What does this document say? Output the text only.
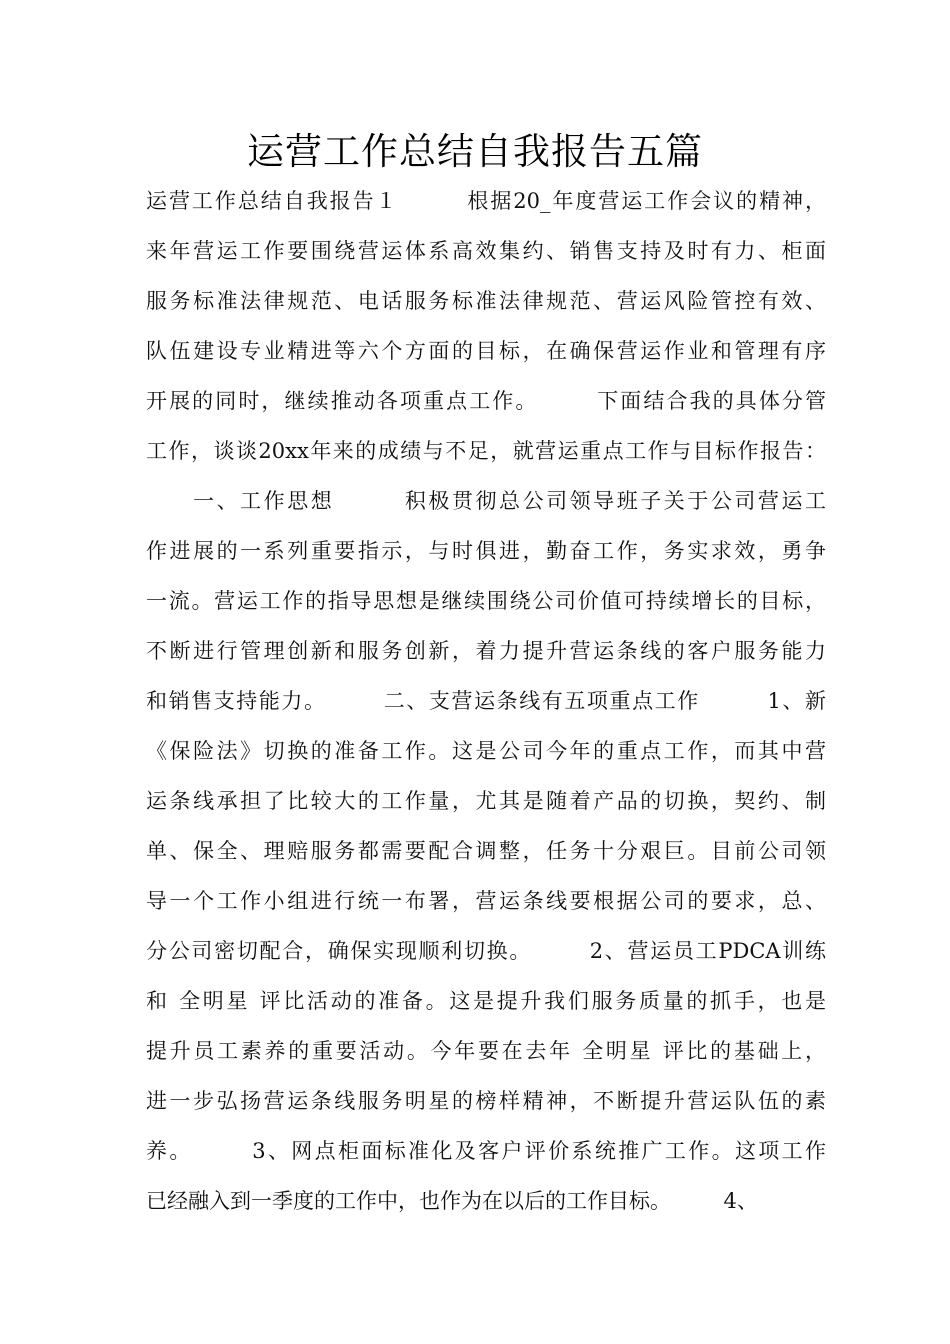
运营工作总结自我报告五篇
运营工作总结自我报告１　　　根据20_年度营运工作会议的精神，
来年营运工作要围绕营运体系高效集约、销售支持及时有力、柜面
服务标准法律规范、电话服务标准法律规范、营运风险管控有效、
队伍建设专业精进等六个方面的目标，在确保营运作业和管理有序
开展的同时，继续推动各项重点工作。　　　下面结合我的具体分管
工作，谈谈20xx年来的成绩与不足，就营运重点工作与目标作报告：
　　一、工作思想　　　积极贯彻总公司领导班子关于公司营运工
作进展的一系列重要指示，与时俱进，勤奋工作，务实求效，勇争
一流。营运工作的指导思想是继续围绕公司价值可持续增长的目标，
不断进行管理创新和服务创新，着力提升营运条线的客户服务能力
和销售支持能力。　　　二、支营运条线有五项重点工作　　　1、新
《保险法》切换的准备工作。这是公司今年的重点工作，而其中营
运条线承担了比较大的工作量，尤其是随着产品的切换，契约、制
单、保全、理赔服务都需要配合调整，任务十分艰巨。目前公司领
导一个工作小组进行统一布署，营运条线要根据公司的要求，总、
分公司密切配合，确保实现顺利切换。　　　2、营运员工PDCA训练
和 全明星 评比活动的准备。这是提升我们服务质量的抓手，也是
提升员工素养的重要活动。今年要在去年 全明星 评比的基础上，
进一步弘扬营运条线服务明星的榜样精神，不断提升营运队伍的素
养。　　　3、网点柜面标准化及客户评价系统推广工作。这项工作
已经融入到一季度的工作中，也作为在以后的工作目标。　　　4、
